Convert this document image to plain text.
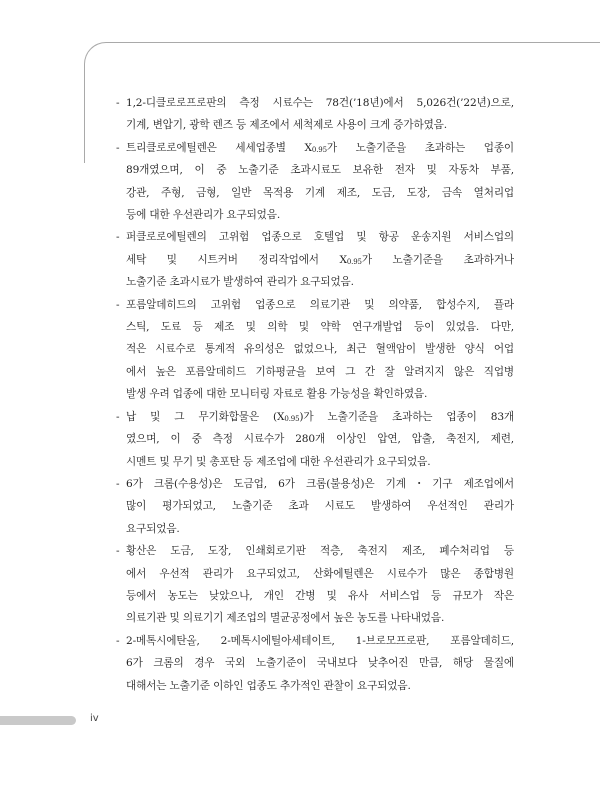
- 1,2-디클로로프로판의 측정 시료수는 78건(’18년)에서 5,026건(’22년)으로,
기계, 변압기, 광학 렌즈 등 제조에서 세척제로 사용이 크게 증가하였음.
- 트리클로로에틸렌은 세세업종별 $X_{0.95}$가 노출기준을 초과하는 업종이
89개였으며, 이 중 노출기준 초과시료도 보유한 전자 및 자동차 부품,
강관, 주형, 금형, 일반 목적용 기계 제조, 도금, 도장, 금속 열처리업
등에 대한 우선관리가 요구되었음.
- 퍼클로로에틸렌의 고위험 업종으로 호텔업 및 항공 운송지원 서비스업의
세탁 및 시트커버 정리작업에서 $X_{0.95}$가 노출기준을 초과하거나
노출기준 초과시료가 발생하여 관리가 요구되었음.
- 포름알데히드의 고위험 업종으로 의료기관 및 의약품, 합성수지, 플라
스틱, 도료 등 제조 및 의학 및 약학 연구개발업 등이 있었음. 다만,
적은 시료수로 통계적 유의성은 없었으나, 최근 혈액암이 발생한 양식 어업
에서 높은 포름알데히드 기하평균을 보여 그 간 잘 알려지지 않은 직업병
발생 우려 업종에 대한 모니터링 자료로 활용 가능성을 확인하였음.
- 납 및 그 무기화합물은 $(X_{0.95})$가 노출기준을 초과하는 업종이 83개
였으며, 이 중 측정 시료수가 280개 이상인 압연, 압출, 축전지, 제련,
시멘트 및 무기 및 총포탄 등 제조업에 대한 우선관리가 요구되었음.
- 6가 크롬(수용성)은 도금업, 6가 크롬(불용성)은 기계・기구 제조업에서
많이 평가되었고, 노출기준 초과 시료도 발생하여 우선적인 관리가
요구되었음.
- 황산은 도금, 도장, 인쇄회로기판 적층, 축전지 제조, 폐수처리업 등
에서 우선적 관리가 요구되었고, 산화에틸렌은 시료수가 많은 종합병원
등에서 농도는 낮았으나, 개인 간병 및 유사 서비스업 등 규모가 작은
의료기관 및 의료기기 제조업의 멸균공정에서 높은 농도를 나타내었음.
- 2-메톡시에탄올, 2-메톡시에틸아세테이트, 1-브로모프로판, 포름알데히드,
6가 크롬의 경우 국외 노출기준이 국내보다 낮추어진 만큼, 해당 물질에
대해서는 노출기준 이하인 업종도 추가적인 관찰이 요구되었음.
iv
